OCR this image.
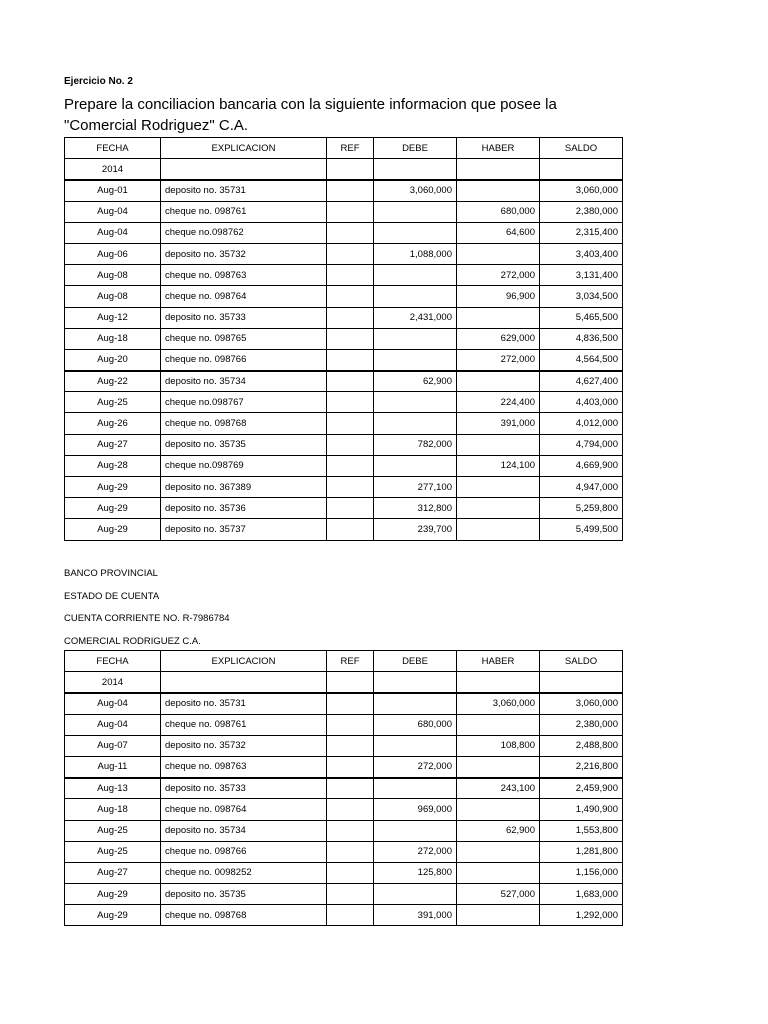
Ejercicio No. 2
Prepare la conciliacion bancaria con la siguiente informacion que posee la
"Comercial Rodriguez" C.A.
FECHA	EXPLICACION	REF	DEBE	HABER	SALDO
2014					
Aug-01	deposito no. 35731		3,060,000		3,060,000
Aug-04	cheque no. 098761			680,000	2,380,000
Aug-04	cheque no.098762			64,600	2,315,400
Aug-06	deposito no. 35732		1,088,000		3,403,400
Aug-08	cheque no. 098763			272,000	3,131,400
Aug-08	cheque no. 098764			96,900	3,034,500
Aug-12	deposito no. 35733		2,431,000		5,465,500
Aug-18	cheque no. 098765			629,000	4,836,500
Aug-20	cheque no. 098766			272,000	4,564,500
Aug-22	deposito no. 35734		62,900		4,627,400
Aug-25	cheque no.098767			224,400	4,403,000
Aug-26	cheque no. 098768			391,000	4,012,000
Aug-27	deposito no. 35735		782,000		4,794,000
Aug-28	cheque no.098769			124,100	4,669,900
Aug-29	deposito no. 367389		277,100		4,947,000
Aug-29	deposito no. 35736		312,800		5,259,800
Aug-29	deposito no. 35737		239,700		5,499,500
BANCO PROVINCIAL
ESTADO DE CUENTA
CUENTA CORRIENTE NO. R-7986784
COMERCIAL RODRIGUEZ C.A.
FECHA	EXPLICACION	REF	DEBE	HABER	SALDO
2014					
Aug-04	deposito no. 35731			3,060,000	3,060,000
Aug-04	cheque no. 098761		680,000		2,380,000
Aug-07	deposito no. 35732			108,800	2,488,800
Aug-11	cheque no. 098763		272,000		2,216,800
Aug-13	deposito no. 35733			243,100	2,459,900
Aug-18	cheque no. 098764		969,000		1,490,900
Aug-25	deposito no. 35734			62,900	1,553,800
Aug-25	cheque no. 098766		272,000		1,281,800
Aug-27	cheque no. 0098252		125,800		1,156,000
Aug-29	deposito no. 35735			527,000	1,683,000
Aug-29	cheque no. 098768		391,000		1,292,000
